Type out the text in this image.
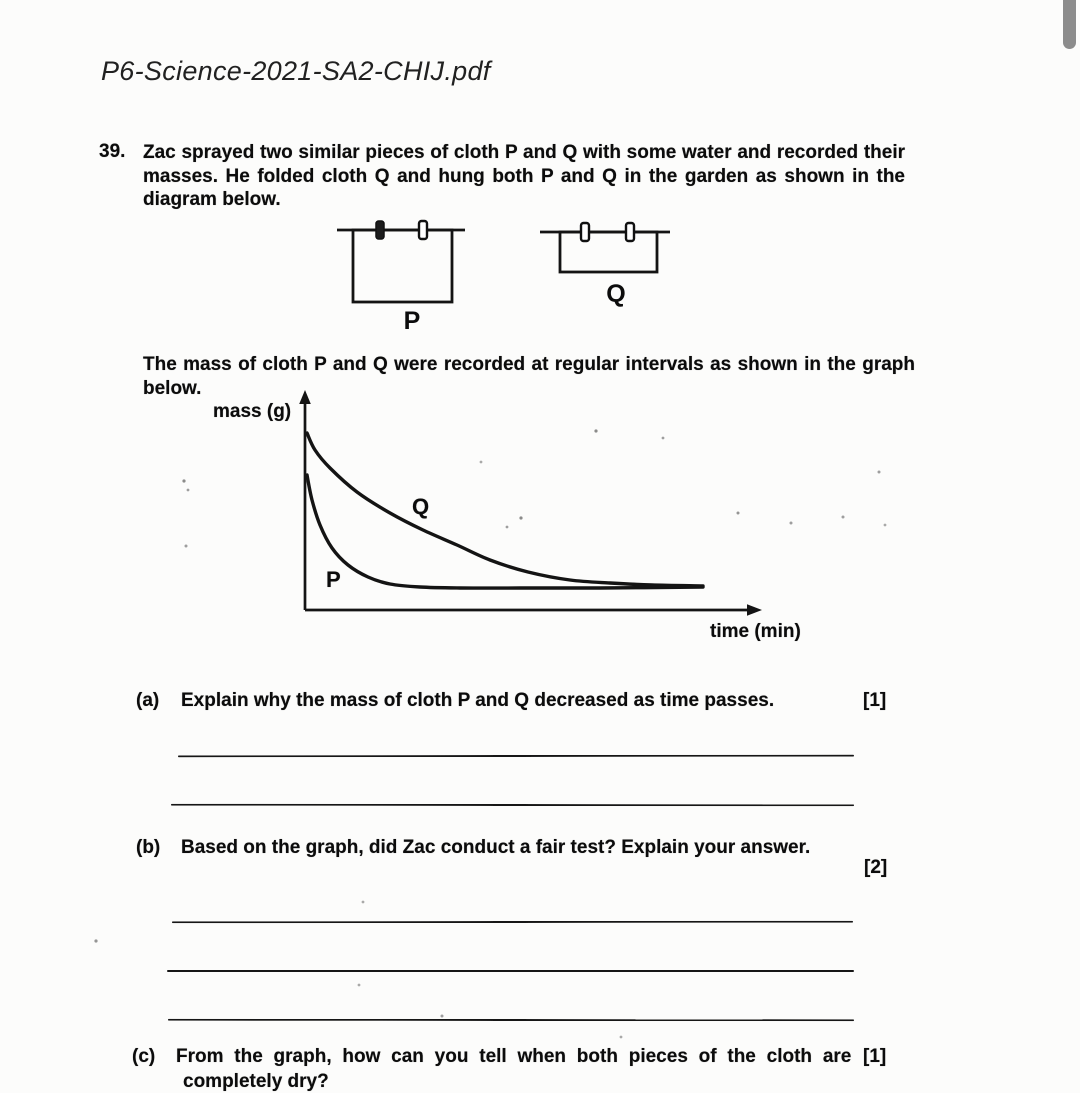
P6-Science-2021-SA2-CHIJ.pdf
39. Zac sprayed two similar pieces of cloth P and Q with some water and recorded their masses. He folded cloth Q and hung both P and Q in the garden as shown in the diagram below.
P
Q
The mass of cloth P and Q were recorded at regular intervals as shown in the graph below.
mass (g)
time (min)
Q
P
(a) Explain why the mass of cloth P and Q decreased as time passes.	[1]
(b) Based on the graph, did Zac conduct a fair test? Explain your answer.
[2]
(c) From the graph, how can you tell when both pieces of the cloth are [1]
completely dry?
